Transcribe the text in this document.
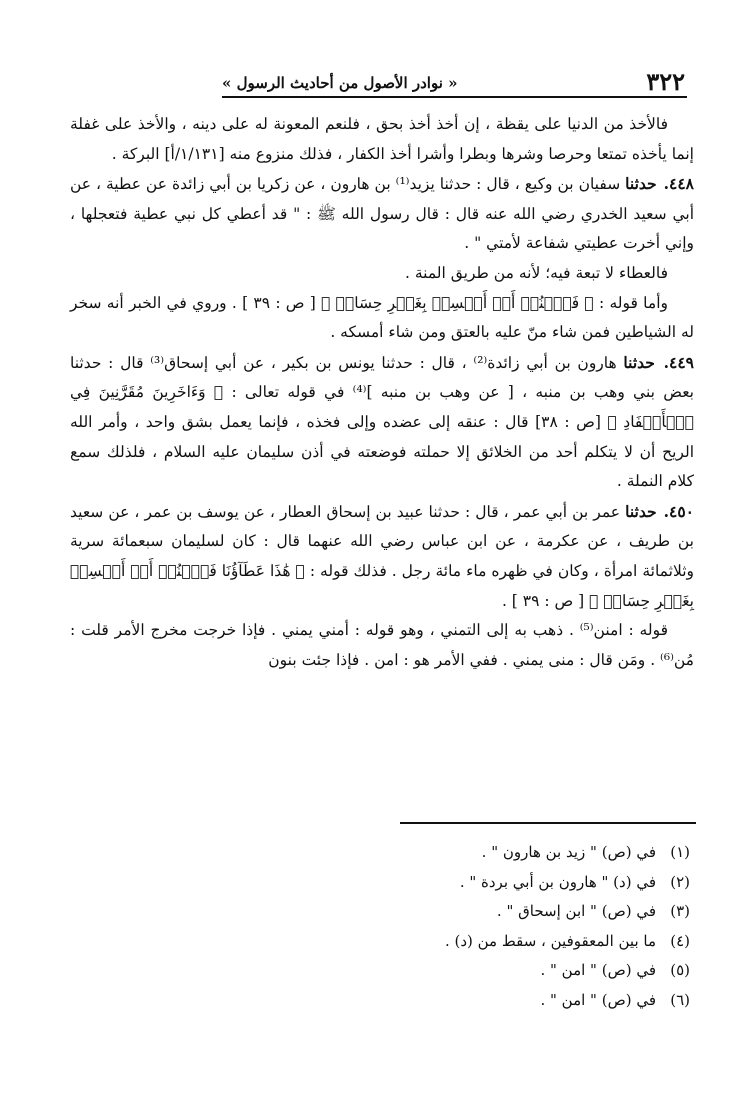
٣٢٢
« نوادر الأصول من أحاديث الرسول »

فالأخذ من الدنيا على يقظة ، إن أخذ أخذ بحق ، فلنعم المعونة له على دينه ، والأخذ على غفلة إنما يأخذه تمتعا وحرصا وشرها وبطرا وأشرا أخذ الكفار ، فذلك منزوع منه [١/١٣١/أ] البركة .

٤٤٨. حدثنا سفيان بن وكيع ، قال : حدثنا يزيد⁽¹⁾ بن هارون ، عن زكريا بن أبي زائدة عن عطية ، عن أبي سعيد الخدري رضي الله عنه قال : قال رسول الله ﷺ : " قد أعطي كل نبي عطية فتعجلها ، وإني أخرت عطيتي شفاعة لأمتي " .

فالعطاء لا تبعة فيه؛ لأنه من طريق المنة .

وأما قوله : ﴿ فَٱمۡنُنۡ أَوۡ أَمۡسِكۡ بِغَيۡرِ حِسَابٖ ﴾ [ ص : ٣٩ ] . وروي في الخبر أنه سخر له الشياطين فمن شاء منّ عليه بالعتق ومن شاء أمسكه .

٤٤٩. حدثنا هارون بن أبي زائدة⁽²⁾ ، قال : حدثنا يونس بن بكير ، عن أبي إسحاق⁽³⁾ قال : حدثنا بعض بني وهب بن منبه ، [ عن وهب بن منبه ]⁽⁴⁾ في قوله تعالى : ﴿ وَءَاخَرِينَ مُقَرَّنِينَ فِي ٱلۡأَصۡفَادِ ﴾ [ص : ٣٨] قال : عنقه إلى عضده وإلى فخذه ، فإنما يعمل بشق واحد ، وأمر الله الريح أن لا يتكلم أحد من الخلائق إلا حملته فوضعته في أذن سليمان عليه السلام ، فلذلك سمع كلام النملة .

٤٥٠. حدثنا عمر بن أبي عمر ، قال : حدثنا عبيد بن إسحاق العطار ، عن يوسف بن عمر ، عن سعيد بن طريف ، عن عكرمة ، عن ابن عباس رضي الله عنهما قال : كان لسليمان سبعمائة سرية وثلاثمائة امرأة ، وكان في ظهره ماء مائة رجل . فذلك قوله : ﴿ هَٰذَا عَطَآؤُنَا فَٱمۡنُنۡ أَوۡ أَمۡسِكۡ بِغَيۡرِ حِسَابٖ ﴾ [ ص : ٣٩ ] .

قوله : امنن⁽⁵⁾ . ذهب به إلى التمني ، وهو قوله : أمني يمني . فإذا خرجت مخرج الأمر قلت : مُن⁽⁶⁾ . ومَن قال : منى يمني . ففي الأمر هو : امن . فإذا جئت بنون

(١)
في (ص) " زيد بن هارون " .
(٢)
في (د) " هارون بن أبي بردة " .
(٣)
في (ص) " ابن إسحاق " .
(٤)
ما بين المعقوفين ، سقط من (د) .
(٥)
في (ص) " امن " .
(٦)
في (ص) " امن " .
